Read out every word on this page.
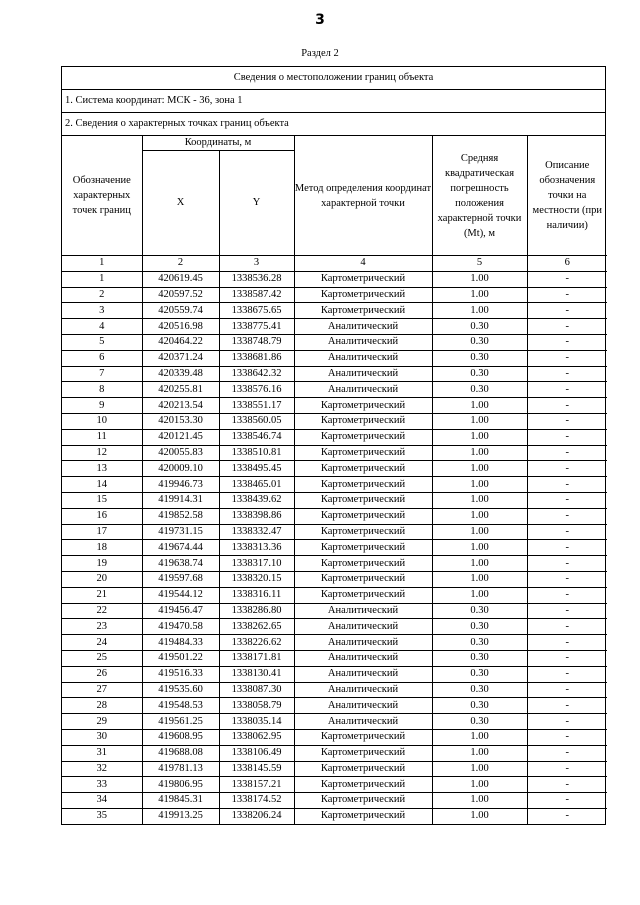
3
Раздел 2
Сведения о местоположении границ объекта
1. Система координат: МСК - 36, зона 1
2. Сведения о характерных точках границ объекта
Обозначение характерных точек границ	Координаты, м		Метод определения координат характерной точки	Средняя квадратическая погрешность положения характерной точки (Mt), м	Описание обозначения точки на местности (при наличии)
	X	Y			
1	2	3	4	5	6
1	420619.45	1338536.28	Картометрический	1.00	-
2	420597.52	1338587.42	Картометрический	1.00	-
3	420559.74	1338675.65	Картометрический	1.00	-
4	420516.98	1338775.41	Аналитический	0.30	-
5	420464.22	1338748.79	Аналитический	0.30	-
6	420371.24	1338681.86	Аналитический	0.30	-
7	420339.48	1338642.32	Аналитический	0.30	-
8	420255.81	1338576.16	Аналитический	0.30	-
9	420213.54	1338551.17	Картометрический	1.00	-
10	420153.30	1338560.05	Картометрический	1.00	-
11	420121.45	1338546.74	Картометрический	1.00	-
12	420055.83	1338510.81	Картометрический	1.00	-
13	420009.10	1338495.45	Картометрический	1.00	-
14	419946.73	1338465.01	Картометрический	1.00	-
15	419914.31	1338439.62	Картометрический	1.00	-
16	419852.58	1338398.86	Картометрический	1.00	-
17	419731.15	1338332.47	Картометрический	1.00	-
18	419674.44	1338313.36	Картометрический	1.00	-
19	419638.74	1338317.10	Картометрический	1.00	-
20	419597.68	1338320.15	Картометрический	1.00	-
21	419544.12	1338316.11	Картометрический	1.00	-
22	419456.47	1338286.80	Аналитический	0.30	-
23	419470.58	1338262.65	Аналитический	0.30	-
24	419484.33	1338226.62	Аналитический	0.30	-
25	419501.22	1338171.81	Аналитический	0.30	-
26	419516.33	1338130.41	Аналитический	0.30	-
27	419535.60	1338087.30	Аналитический	0.30	-
28	419548.53	1338058.79	Аналитический	0.30	-
29	419561.25	1338035.14	Аналитический	0.30	-
30	419608.95	1338062.95	Картометрический	1.00	-
31	419688.08	1338106.49	Картометрический	1.00	-
32	419781.13	1338145.59	Картометрический	1.00	-
33	419806.95	1338157.21	Картометрический	1.00	-
34	419845.31	1338174.52	Картометрический	1.00	-
35	419913.25	1338206.24	Картометрический	1.00	-
